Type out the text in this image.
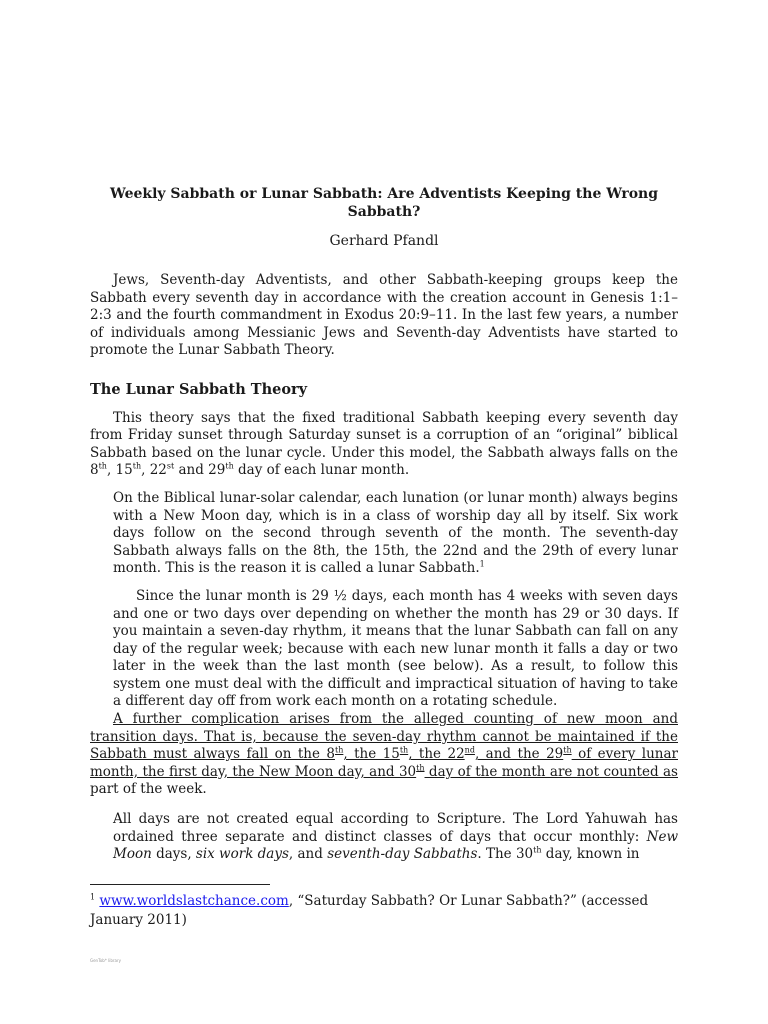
Weekly Sabbath or Lunar Sabbath: Are Adventists Keeping the Wrong Sabbath?
Gerhard Pfandl

Jews, Seventh-day Adventists, and other Sabbath-keeping groups keep the Sabbath every seventh day in accordance with the creation account in Genesis 1:1–2:3 and the fourth commandment in Exodus 20:9–11. In the last few years, a number of individuals among Messianic Jews and Seventh-day Adventists have started to promote the Lunar Sabbath Theory.

The Lunar Sabbath Theory

This theory says that the fixed traditional Sabbath keeping every seventh day from Friday sunset through Saturday sunset is a corruption of an “original” biblical Sabbath based on the lunar cycle. Under this model, the Sabbath always falls on the 8th, 15th, 22st and 29th day of each lunar month.

On the Biblical lunar-solar calendar, each lunation (or lunar month) always begins with a New Moon day, which is in a class of worship day all by itself. Six work days follow on the second through seventh of the month. The seventh-day Sabbath always falls on the 8th, the 15th, the 22nd and the 29th of every lunar month. This is the reason it is called a lunar Sabbath.$^1$

Since the lunar month is 29 ½ days, each month has 4 weeks with seven days and one or two days over depending on whether the month has 29 or 30 days. If you maintain a seven-day rhythm, it means that the lunar Sabbath can fall on any day of the regular week; because with each new lunar month it falls a day or two later in the week than the last month (see below). As a result, to follow this system one must deal with the difficult and impractical situation of having to take a different day off from work each month on a rotating schedule.

A further complication arises from the alleged counting of new moon and transition days. That is, because the seven-day rhythm cannot be maintained if the Sabbath must always fall on the 8th, the 15th, the 22nd, and the 29th of every lunar month, the first day, the New Moon day, and 30th day of the month are not counted as part of the week.

All days are not created equal according to Scripture. The Lord Yahuwah has ordained three separate and distinct classes of days that occur monthly: New Moon days, six work days, and seventh-day Sabbaths. The 30th day, known in

$^1$ www.worldslastchance.com, “Saturday Sabbath? Or Lunar Sabbath?” (accessed January 2011)
GenTob* library
